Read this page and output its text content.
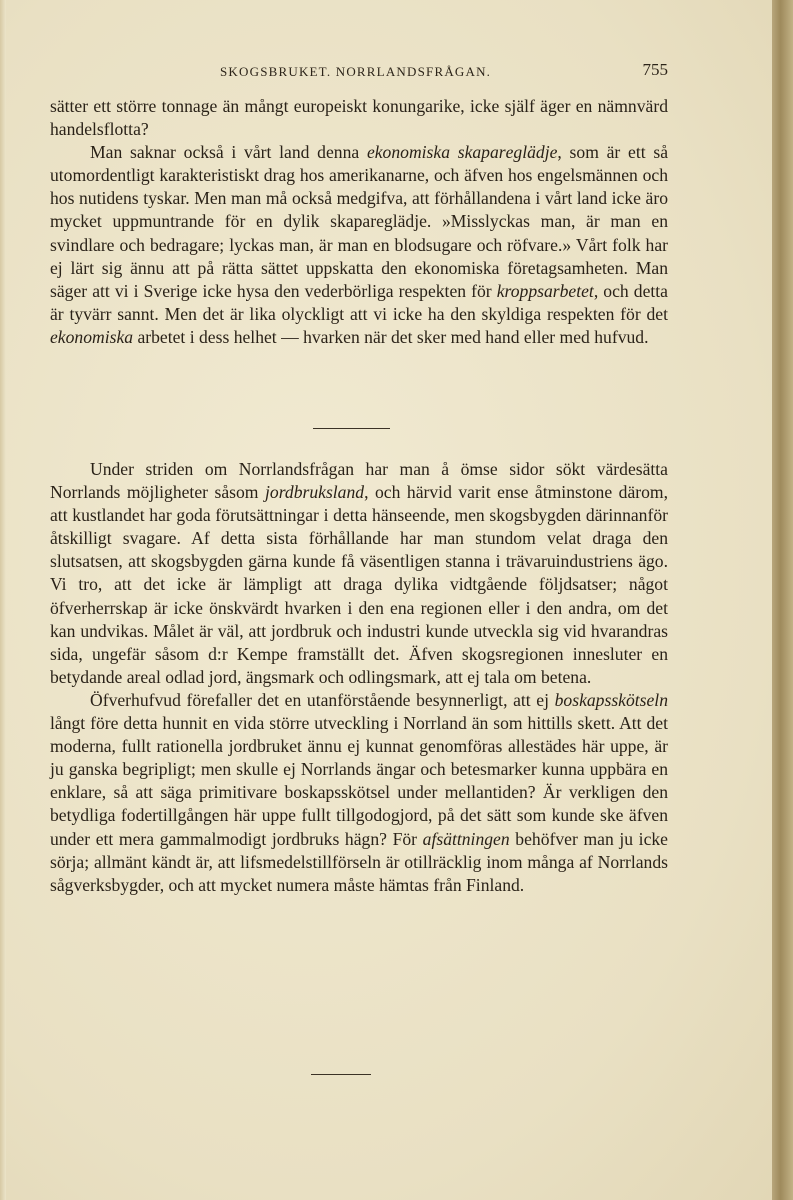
SKOGSBRUKET. NORRLANDSFRÅGAN.	755

sätter ett större tonnage än mångt europeiskt konungarike, icke själf äger en nämnvärd handelsflotta?

Man saknar också i vårt land denna ekonomiska skaparеglädje, som är ett så utomordentligt karakteristiskt drag hos amerikanarne, och äfven hos engelsmännen och hos nutidens tyskar. Men man må också medgifva, att förhållandena i vårt land icke äro mycket uppmuntrande för en dylik skaparеglädje. »Misslyckas man, är man en svindlare och bedragare; lyckas man, är man en blodsugare och röfvare.» Vårt folk har ej lärt sig ännu att på rätta sättet uppskatta den ekonomiska företagsamheten. Man säger att vi i Sverige icke hysa den vederbörliga respekten för kroppsarbetet, och detta är tyvärr sannt. Men det är lika olyckligt att vi icke ha den skyldiga respekten för det ekonomiska arbetet i dess helhet — hvarken när det sker med hand eller med hufvud.

Under striden om Norrlandsfrågan har man å ömse sidor sökt värdesätta Norrlands möjligheter såsom jordbruksland, och härvid varit ense åtminstone därom, att kustlandet har goda förutsättningar i detta hänseende, men skogsbygden därinnanför åtskilligt svagare. Af detta sista förhållande har man stundom velat draga den slutsatsen, att skogsbygden gärna kunde få väsentligen stanna i trävaruindustriens ägo. Vi tro, att det icke är lämpligt att draga dylika vidtgående följdsatser; något öfverherrskap är icke önskvärdt hvarken i den ena regionen eller i den andra, om det kan undvikas. Målet är väl, att jordbruk och industri kunde utveckla sig vid hvarandras sida, ungefär såsom d:r Kempe framställt det. Äfven skogsregionen innesluter en betydande areal odlad jord, ängsmark och odlingsmark, att ej tala om betena.

Öfverhufvud förefaller det en utanförstående besynnerligt, att ej boskapsskötseln långt före detta hunnit en vida större utveckling i Norrland än som hittills skett. Att det moderna, fullt rationella jordbruket ännu ej kunnat genomföras allestädes här uppe, är ju ganska begripligt; men skulle ej Norrlands ängar och betesmarker kunna uppbära en enklare, så att säga primitivare boskapsskötsel under mellantiden? Är verkligen den betydliga fodertillgången här uppe fullt tillgodogjord, på det sätt som kunde ske äfven under ett mera gammalmodigt jordbruks hägn? För afsättningen behöfver man ju icke sörja; allmänt kändt är, att lifsmedelstillförseln är otillräcklig inom många af Norrlands sågverksbygder, och att mycket numera måste hämtas från Finland.
